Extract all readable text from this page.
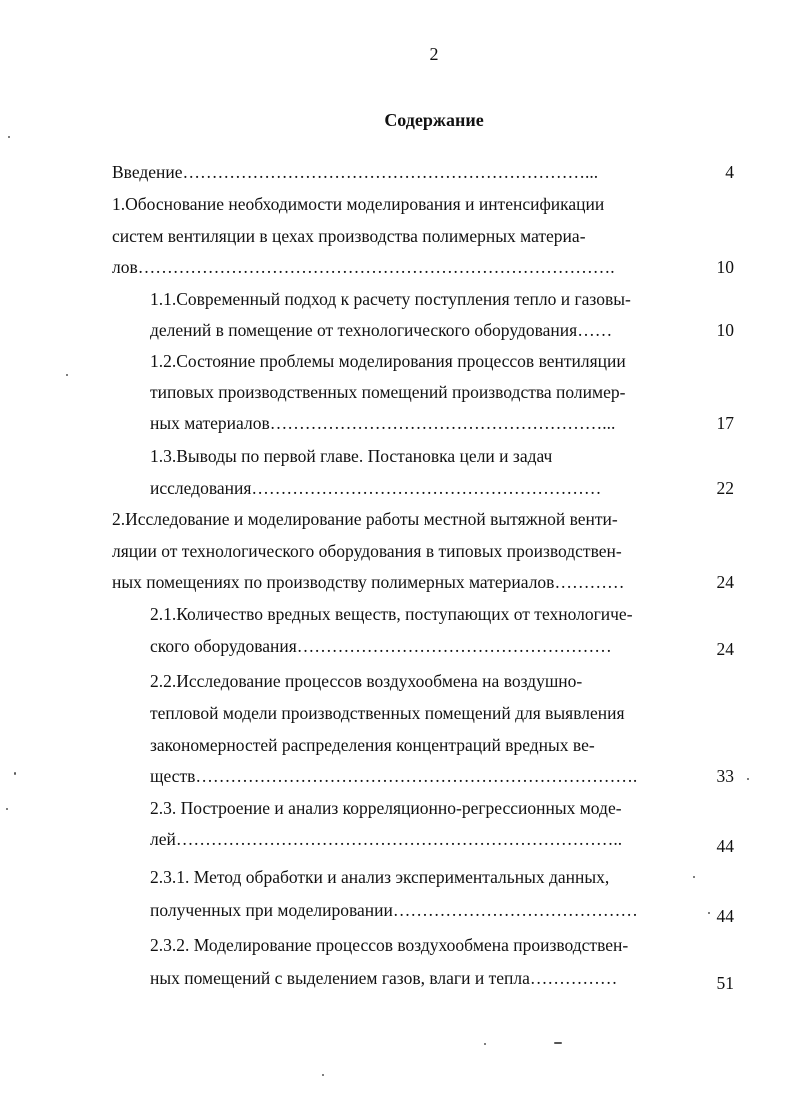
2
Содержание
Введение……………………………………………………………...	4
1.Обоснование необходимости моделирования и интенсификации
систем вентиляции в цехах производства полимерных материа-
лов……………………………………………………………………….	10
1.1.Современный подход к расчету поступления тепло и газовы-
делений в помещение от технологического оборудования……	10
1.2.Состояние проблемы моделирования процессов вентиляции
типовых производственных помещений производства полимер-
ных материалов…………………………………………………...	17
1.3.Выводы по первой главе. Постановка цели и задач
исследования……………………………………………………	22
2.Исследование и моделирование работы местной вытяжной венти-
ляции от технологического оборудования в типовых производствен-
ных помещениях по производству полимерных материалов…………	24
2.1.Количество вредных веществ, поступающих от технологиче-
ского оборудования………………………………………………	24
2.2.Исследование процессов воздухообмена на воздушно-
тепловой модели производственных помещений для выявления
закономерностей распределения концентраций вредных ве-
ществ………………………………………………………………….	33
2.3. Построение и анализ корреляционно-регрессионных моде-
лей…………………………………………………………………..	44
2.3.1. Метод обработки и анализ экспериментальных данных,
полученных при моделировании……………………………………	44
2.3.2. Моделирование процессов воздухообмена производствен-
ных помещений с выделением газов, влаги и тепла……………	51
